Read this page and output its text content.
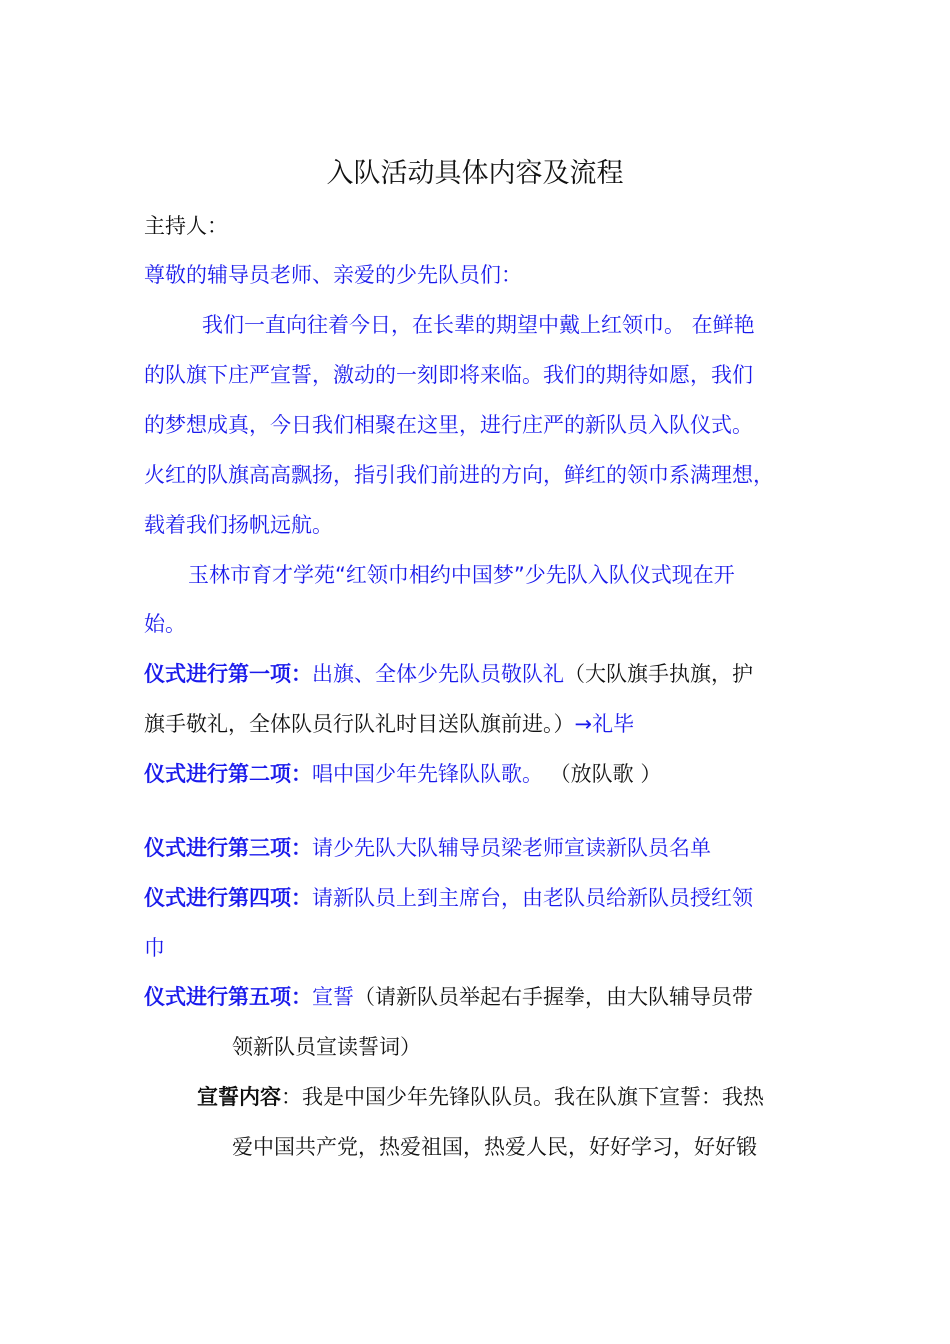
入队活动具体内容及流程
主持人：
尊敬的辅导员老师、亲爱的少先队员们：
我们一直向往着今日，在长辈的期望中戴上红领巾。 在鲜艳
的队旗下庄严宣誓，激动的一刻即将来临。我们的期待如愿，我们
的梦想成真，今日我们相聚在这里，进行庄严的新队员入队仪式。
火红的队旗高高飘扬，指引我们前进的方向，鲜红的领巾系满理想，
载着我们扬帆远航。
玉林市育才学苑“红领巾相约中国梦”少先队入队仪式现在开
始。
仪式进行第一项：出旗、全体少先队员敬队礼（大队旗手执旗，护
旗手敬礼，全体队员行队礼时目送队旗前进。）→礼毕
仪式进行第二项：唱中国少年先锋队队歌。 （放队歌 ）
仪式进行第三项：请少先队大队辅导员梁老师宣读新队员名单
仪式进行第四项：请新队员上到主席台，由老队员给新队员授红领
巾
仪式进行第五项：宣誓（请新队员举起右手握拳，由大队辅导员带
领新队员宣读誓词）
宣誓内容：我是中国少年先锋队队员。我在队旗下宣誓：我热
爱中国共产党，热爱祖国，热爱人民，好好学习，好好锻
